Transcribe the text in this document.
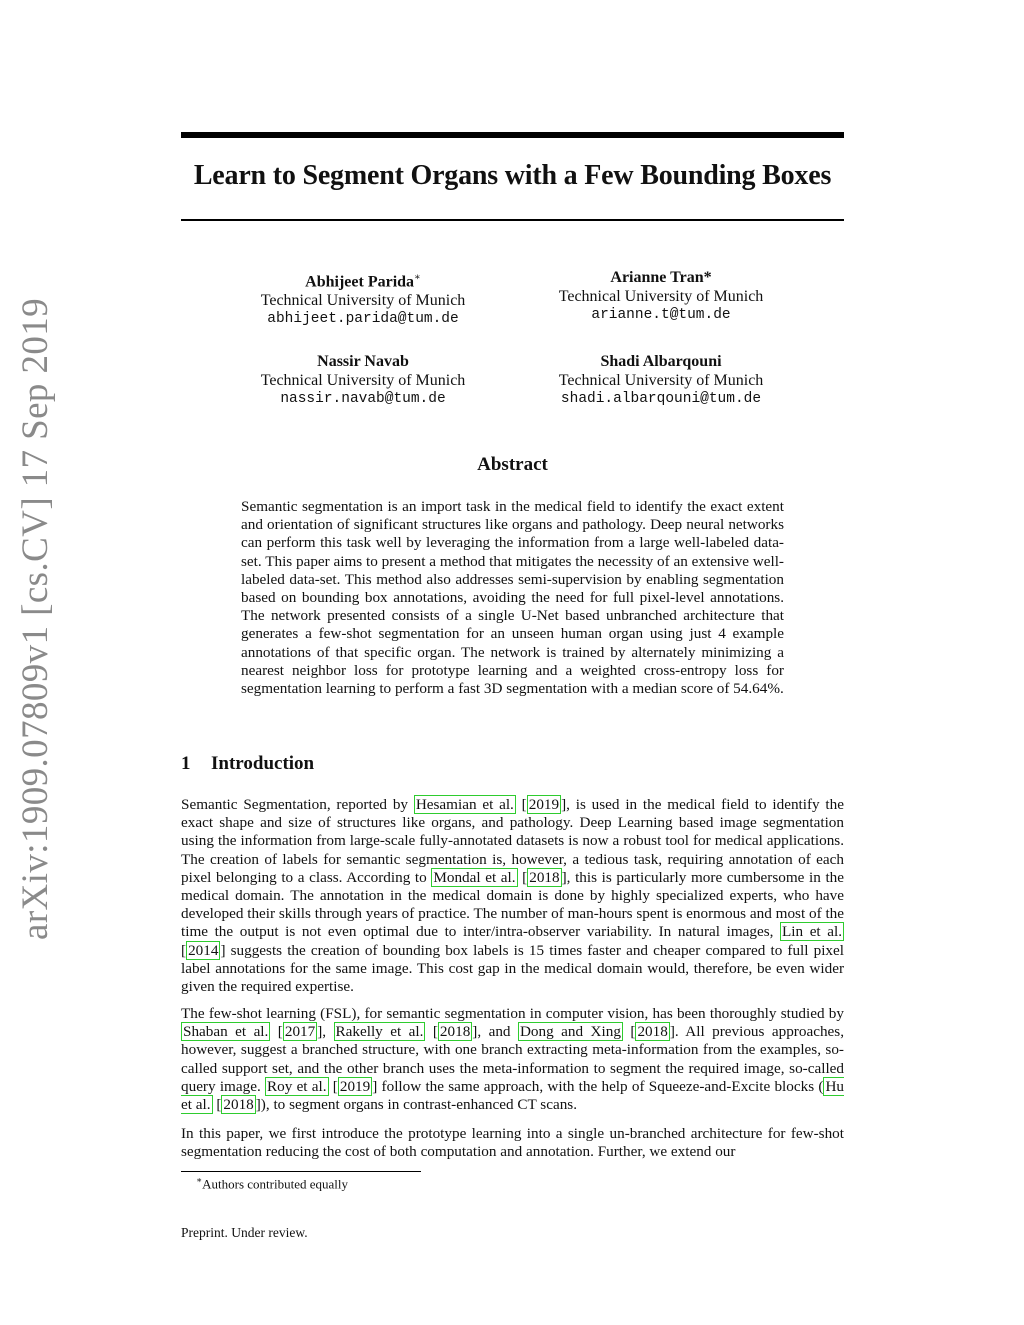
arXiv:1909.07809v1 [cs.CV] 17 Sep 2019
Learn to Segment Organs with a Few Bounding Boxes
Abhijeet Parida∗
Technical University of Munich
abhijeet.parida@tum.de
Arianne Tran*
Technical University of Munich
arianne.t@tum.de
Nassir Navab
Technical University of Munich
nassir.navab@tum.de
Shadi Albarqouni
Technical University of Munich
shadi.albarqouni@tum.de
Abstract
Semantic segmentation is an import task in the medical field to identify the exact extent and orientation of significant structures like organs and pathology. Deep neural networks can perform this task well by leveraging the information from a large well-labeled data-set. This paper aims to present a method that mitigates the necessity of an extensive well-labeled data-set. This method also addresses semi-supervision by enabling segmentation based on bounding box annotations, avoiding the need for full pixel-level annotations. The network presented consists of a single U-Net based unbranched architecture that generates a few-shot segmentation for an unseen human organ using just 4 example annotations of that specific organ. The network is trained by alternately minimizing a nearest neighbor loss for prototype learning and a weighted cross-entropy loss for segmentation learning to perform a fast 3D segmentation with a median score of 54.64%.
1 Introduction
Semantic Segmentation, reported by Hesamian et al. [ 2019 ], is used in the medical field to identify the exact shape and size of structures like organs, and pathology. Deep Learning based image segmentation using the information from large-scale fully-annotated datasets is now a robust tool for medical applications. The creation of labels for semantic segmentation is, however, a tedious task, requiring annotation of each pixel belonging to a class. According to Mondal et al. [ 2018 ], this is particularly more cumbersome in the medical domain. The annotation in the medical domain is done by highly specialized experts, who have developed their skills through years of practice. The number of man-hours spent is enormous and most of the time the output is not even optimal due to inter/intra-observer variability. In natural images, Lin et al. [ 2014 ] suggests the creation of bounding box labels is 15 times faster and cheaper compared to full pixel label annotations for the same image. This cost gap in the medical domain would, therefore, be even wider given the required expertise.
The few-shot learning (FSL), for semantic segmentation in computer vision, has been thoroughly studied by Shaban et al. [ 2017 ], Rakelly et al. [ 2018 ], and Dong and Xing [ 2018 ]. All previous approaches, however, suggest a branched structure, with one branch extracting meta-information from the examples, so-called support set, and the other branch uses the meta-information to segment the required image, so-called query image. Roy et al. [ 2019 ] follow the same approach, with the help of Squeeze-and-Excite blocks ( Hu et al. [ 2018 ]), to segment organs in contrast-enhanced CT scans.
In this paper, we first introduce the prototype learning into a single un-branched architecture for few-shot segmentation reducing the cost of both computation and annotation. Further, we extend our
∗Authors contributed equally
Preprint. Under review.
